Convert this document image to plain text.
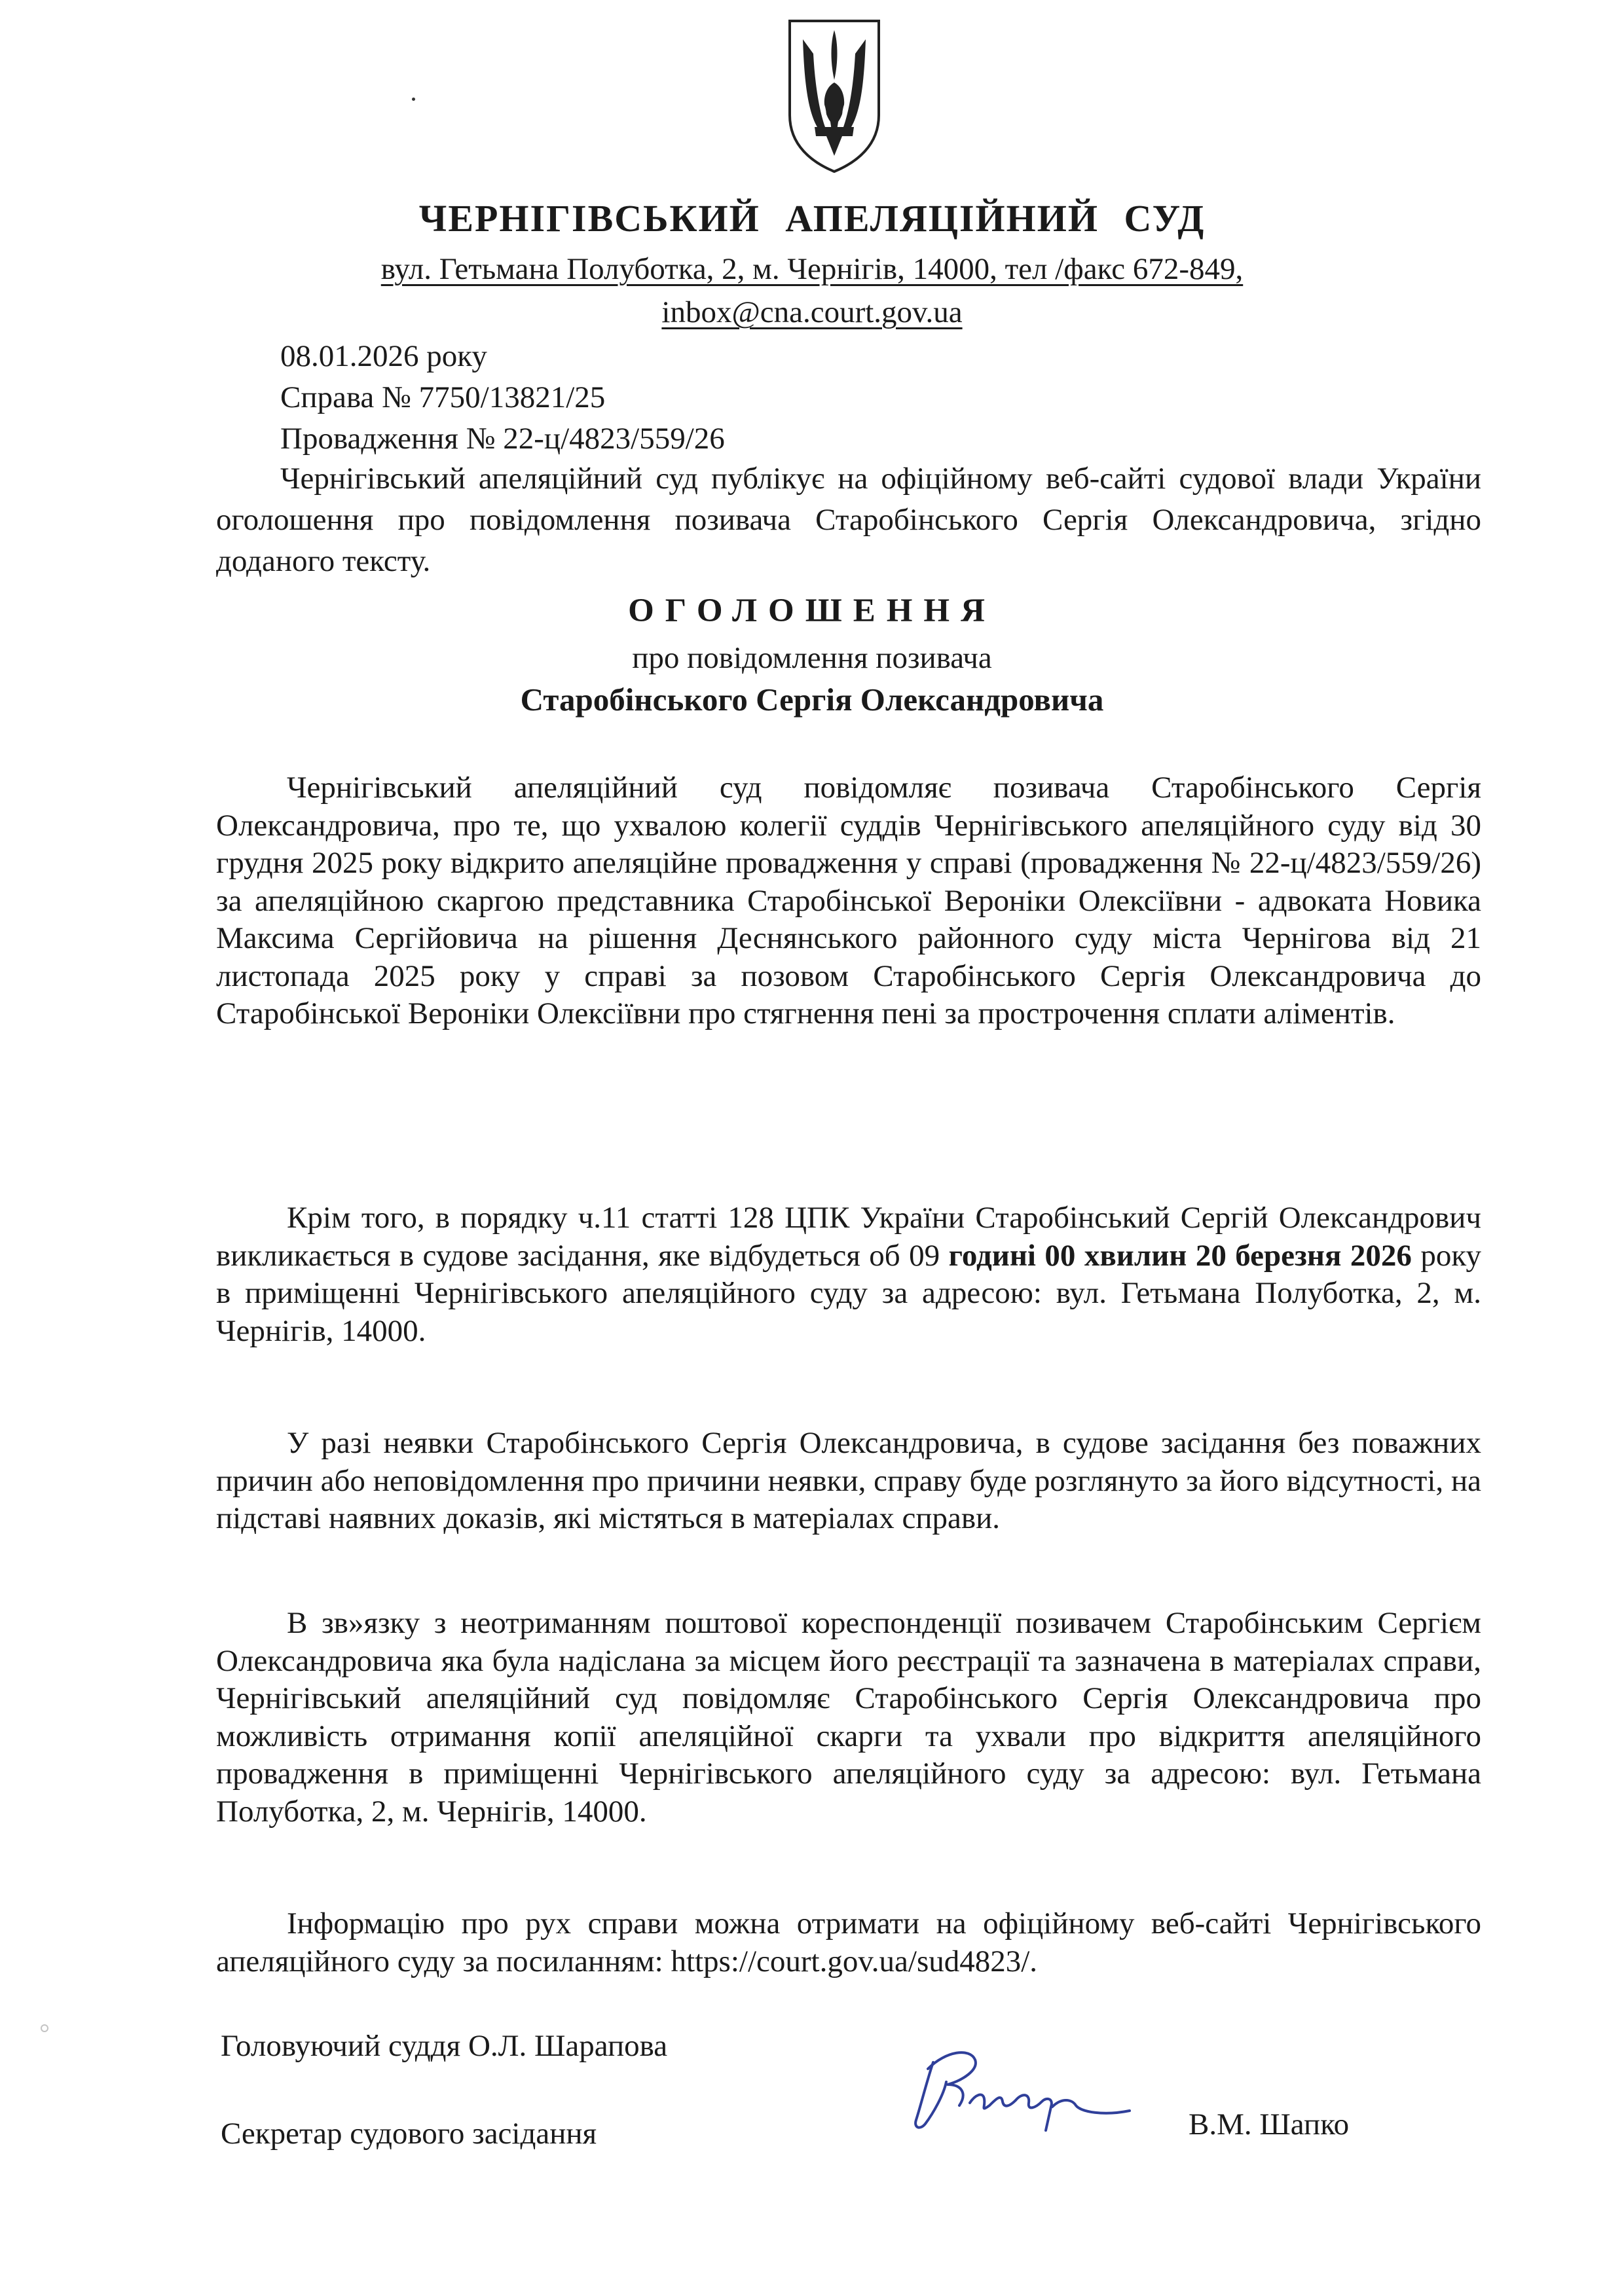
ЧЕРНІГІВСЬКИЙ АПЕЛЯЦІЙНИЙ СУД
вул. Гетьмана Полуботка, 2, м. Чернігів, 14000, тел /факс 672-849,
inbox@cna.court.gov.ua
08.01.2026 року
Справа № 7750/13821/25
Провадження № 22-ц/4823/559/26

Чернігівський апеляційний суд публікує на офіційному веб-сайті судової влади України оголошення про повідомлення позивача Старобінського Сергія Олександровича, згідно доданого тексту.

ОГОЛОШЕННЯ
про повідомлення позивача
Старобінського Сергія Олександровича

Чернігівський апеляційний суд повідомляє позивача Старобінського Сергія Олександровича, про те, що ухвалою колегії суддів Чернігівського апеляційного суду від 30 грудня 2025 року відкрито апеляційне провадження у справі (провадження № 22-ц/4823/559/26) за апеляційною скаргою представника Старобінської Вероніки Олексіївни - адвоката Новика Максима Сергійовича на рішення Деснянського районного суду міста Чернігова від 21 листопада 2025 року у справі за позовом Старобінського Сергія Олександровича до Старобінської Вероніки Олексіївни про стягнення пені за прострочення сплати аліментів.

Крім того, в порядку ч.11 статті 128 ЦПК України Старобінський Сергій Олександрович викликається в судове засідання, яке відбудеться об 09 годині 00 хвилин 20 березня 2026 року в приміщенні Чернігівського апеляційного суду за адресою: вул. Гетьмана Полуботка, 2, м. Чернігів, 14000.

У разі неявки Старобінського Сергія Олександровича, в судове засідання без поважних причин або неповідомлення про причини неявки, справу буде розглянуто за його відсутності, на підставі наявних доказів, які містяться в матеріалах справи.

В зв»язку з неотриманням поштової кореспонденції позивачем Старобінським Сергієм Олександровича яка була надіслана за місцем його реєстрації та зазначена в матеріалах справи, Чернігівський апеляційний суд повідомляє Старобінського Сергія Олександровича про можливість отримання копії апеляційної скарги та ухвали про відкриття апеляційного провадження в приміщенні Чернігівського апеляційного суду за адресою: вул. Гетьмана Полуботка, 2, м. Чернігів, 14000.

Інформацію про рух справи можна отримати на офіційному веб-сайті Чернігівського апеляційного суду за посиланням: https://court.gov.ua/sud4823/.

Головуючий суддя О.Л. Шарапова
Секретар судового засідання	В.М. Шапко
